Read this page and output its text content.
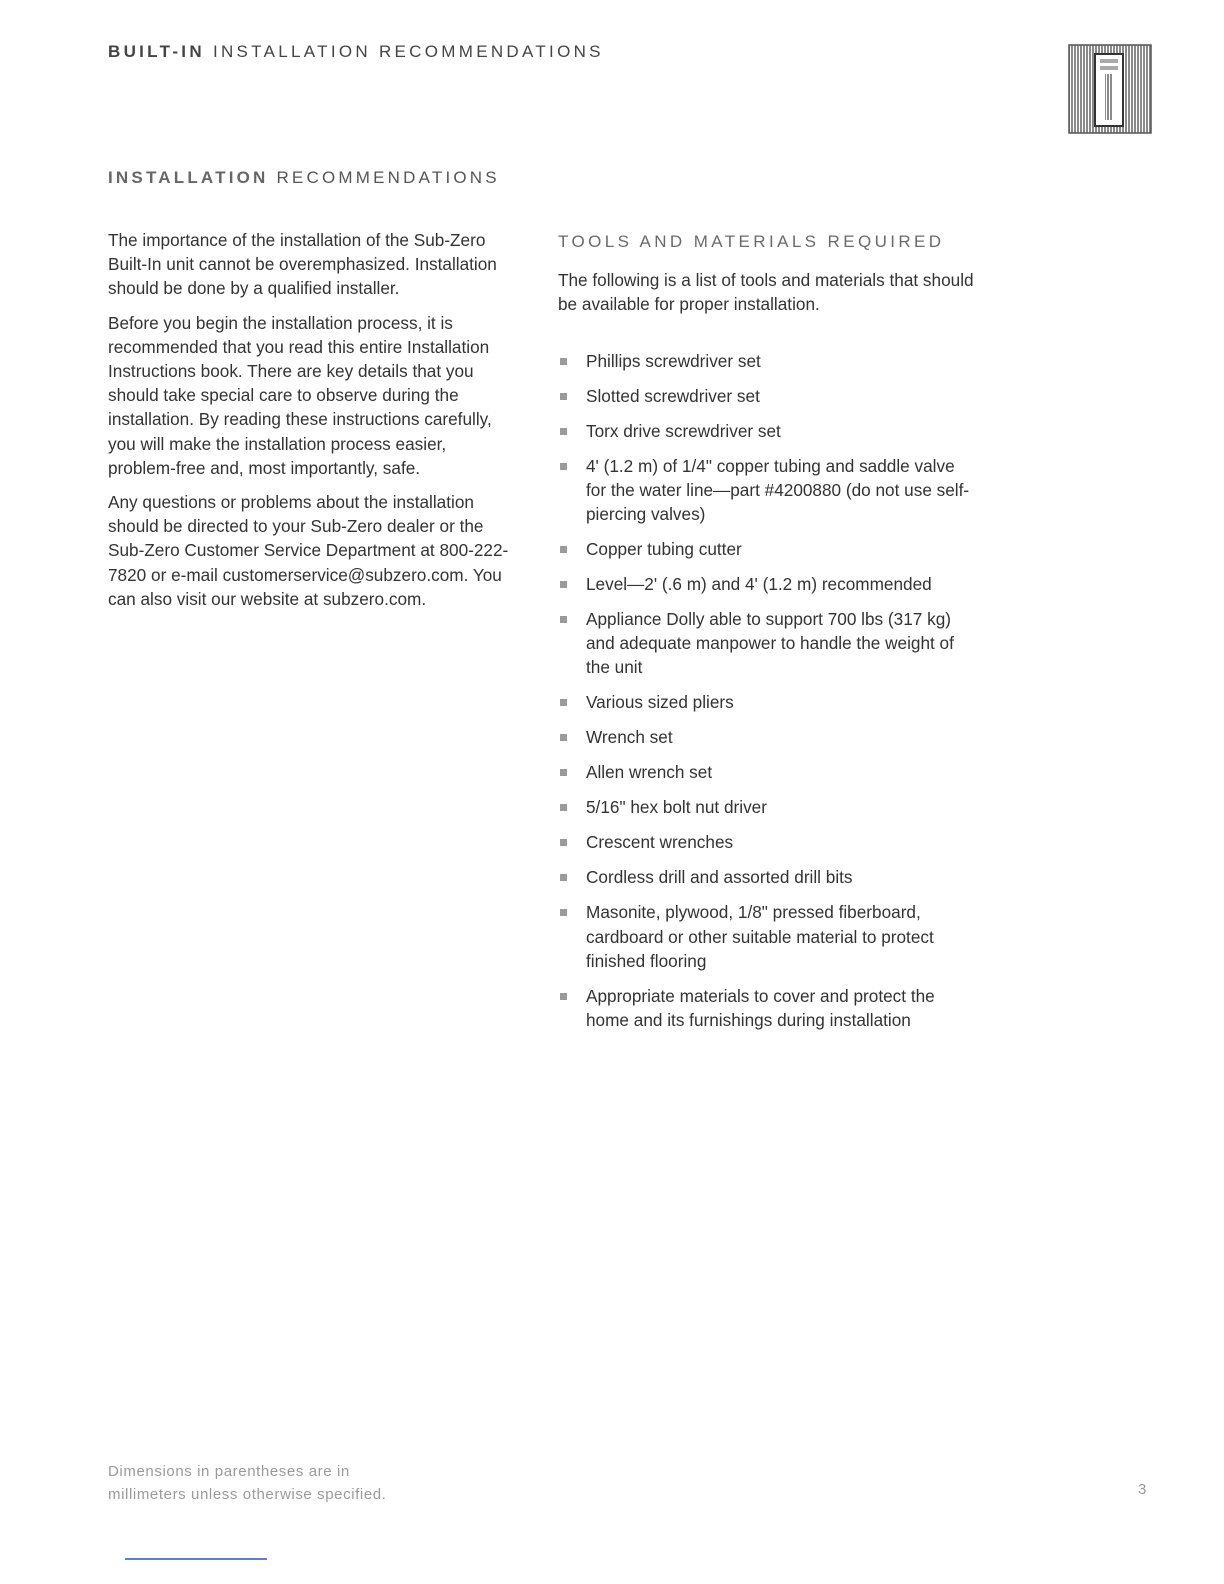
BUILT-IN INSTALLATION RECOMMENDATIONS
INSTALLATION RECOMMENDATIONS

The importance of the installation of the Sub-Zero Built-In unit cannot be overemphasized. Installation should be done by a qualified installer.

Before you begin the installation process, it is recommended that you read this entire Installation Instructions book. There are key details that you should take special care to observe during the installation. By reading these instructions carefully, you will make the installation process easier, problem-free and, most importantly, safe.

Any questions or problems about the installation should be directed to your Sub-Zero dealer or the Sub-Zero Customer Service Department at 800-222-7820 or e-mail customerservice@subzero.com. You can also visit our website at subzero.com.

TOOLS AND MATERIALS REQUIRED

The following is a list of tools and materials that should be available for proper installation.

Phillips screwdriver set
Slotted screwdriver set
Torx drive screwdriver set
4' (1.2 m) of 1/4" copper tubing and saddle valve for the water line—part #4200880 (do not use self-piercing valves)
Copper tubing cutter
Level—2' (.6 m) and 4' (1.2 m) recommended
Appliance Dolly able to support 700 lbs (317 kg) and adequate manpower to handle the weight of the unit
Various sized pliers
Wrench set
Allen wrench set
5/16" hex bolt nut driver
Crescent wrenches
Cordless drill and assorted drill bits
Masonite, plywood, 1/8" pressed fiberboard, cardboard or other suitable material to protect finished flooring
Appropriate materials to cover and protect the home and its furnishings during installation
Dimensions in parentheses are in
millimeters unless otherwise specified.	3
